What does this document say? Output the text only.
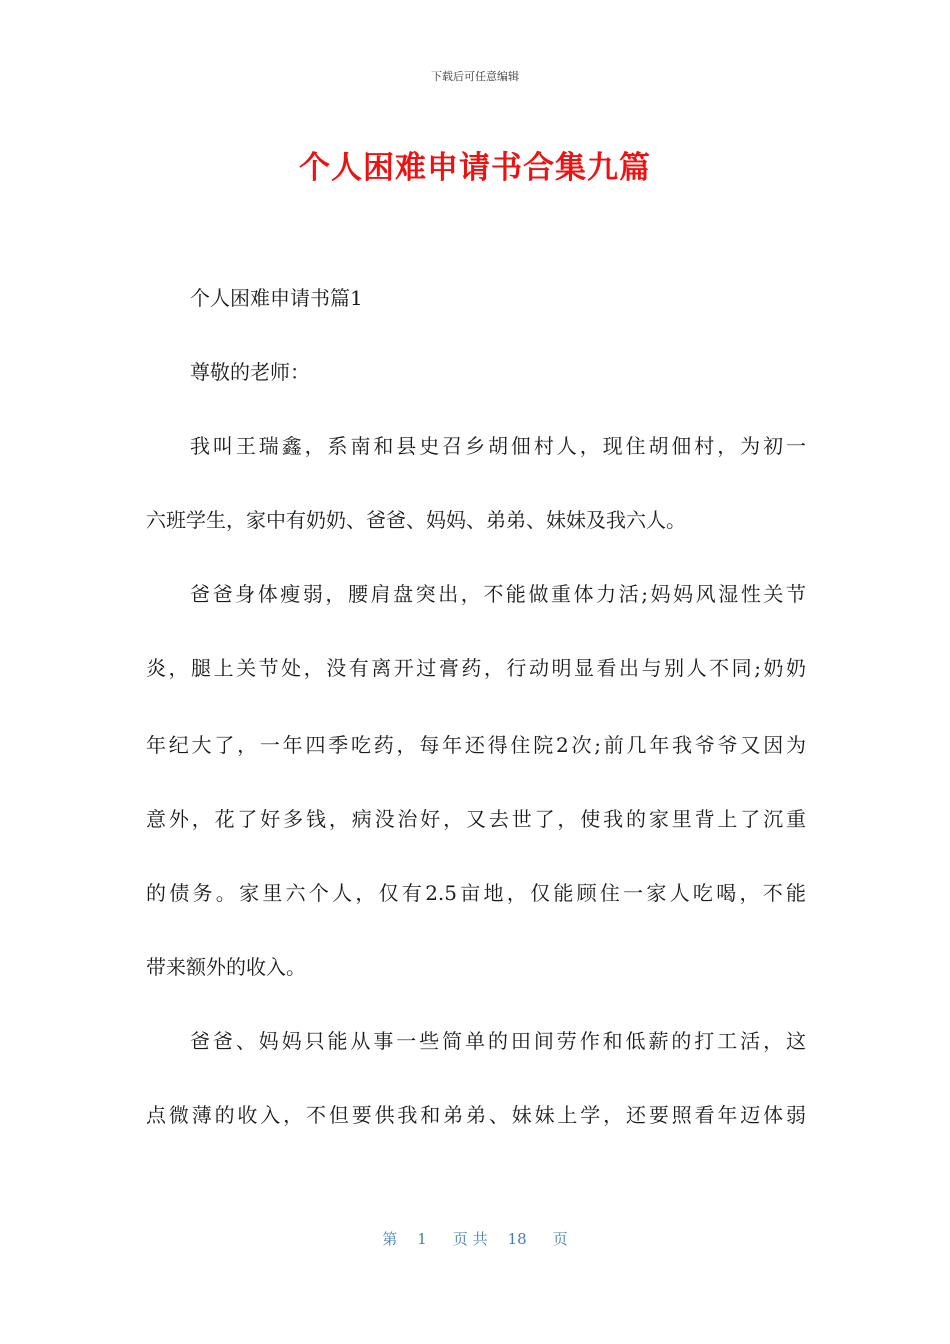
下载后可任意编辑
个人困难申请书合集九篇
个人困难申请书篇1
尊敬的老师：
我叫王瑞鑫，系南和县史召乡胡佃村人，现住胡佃村，为初一
六班学生，家中有奶奶、爸爸、妈妈、弟弟、妹妹及我六人。
爸爸身体瘦弱，腰肩盘突出，不能做重体力活;妈妈风湿性关节
炎，腿上关节处，没有离开过膏药，行动明显看出与别人不同;奶奶
年纪大了，一年四季吃药，每年还得住院2次;前几年我爷爷又因为
意外，花了好多钱，病没治好，又去世了，使我的家里背上了沉重
的债务。家里六个人，仅有2.5亩地，仅能顾住一家人吃喝，不能
带来额外的收入。
爸爸、妈妈只能从事一些简单的田间劳作和低薪的打工活，这
点微薄的收入，不但要供我和弟弟、妹妹上学，还要照看年迈体弱
第 1 页 共 18 页
